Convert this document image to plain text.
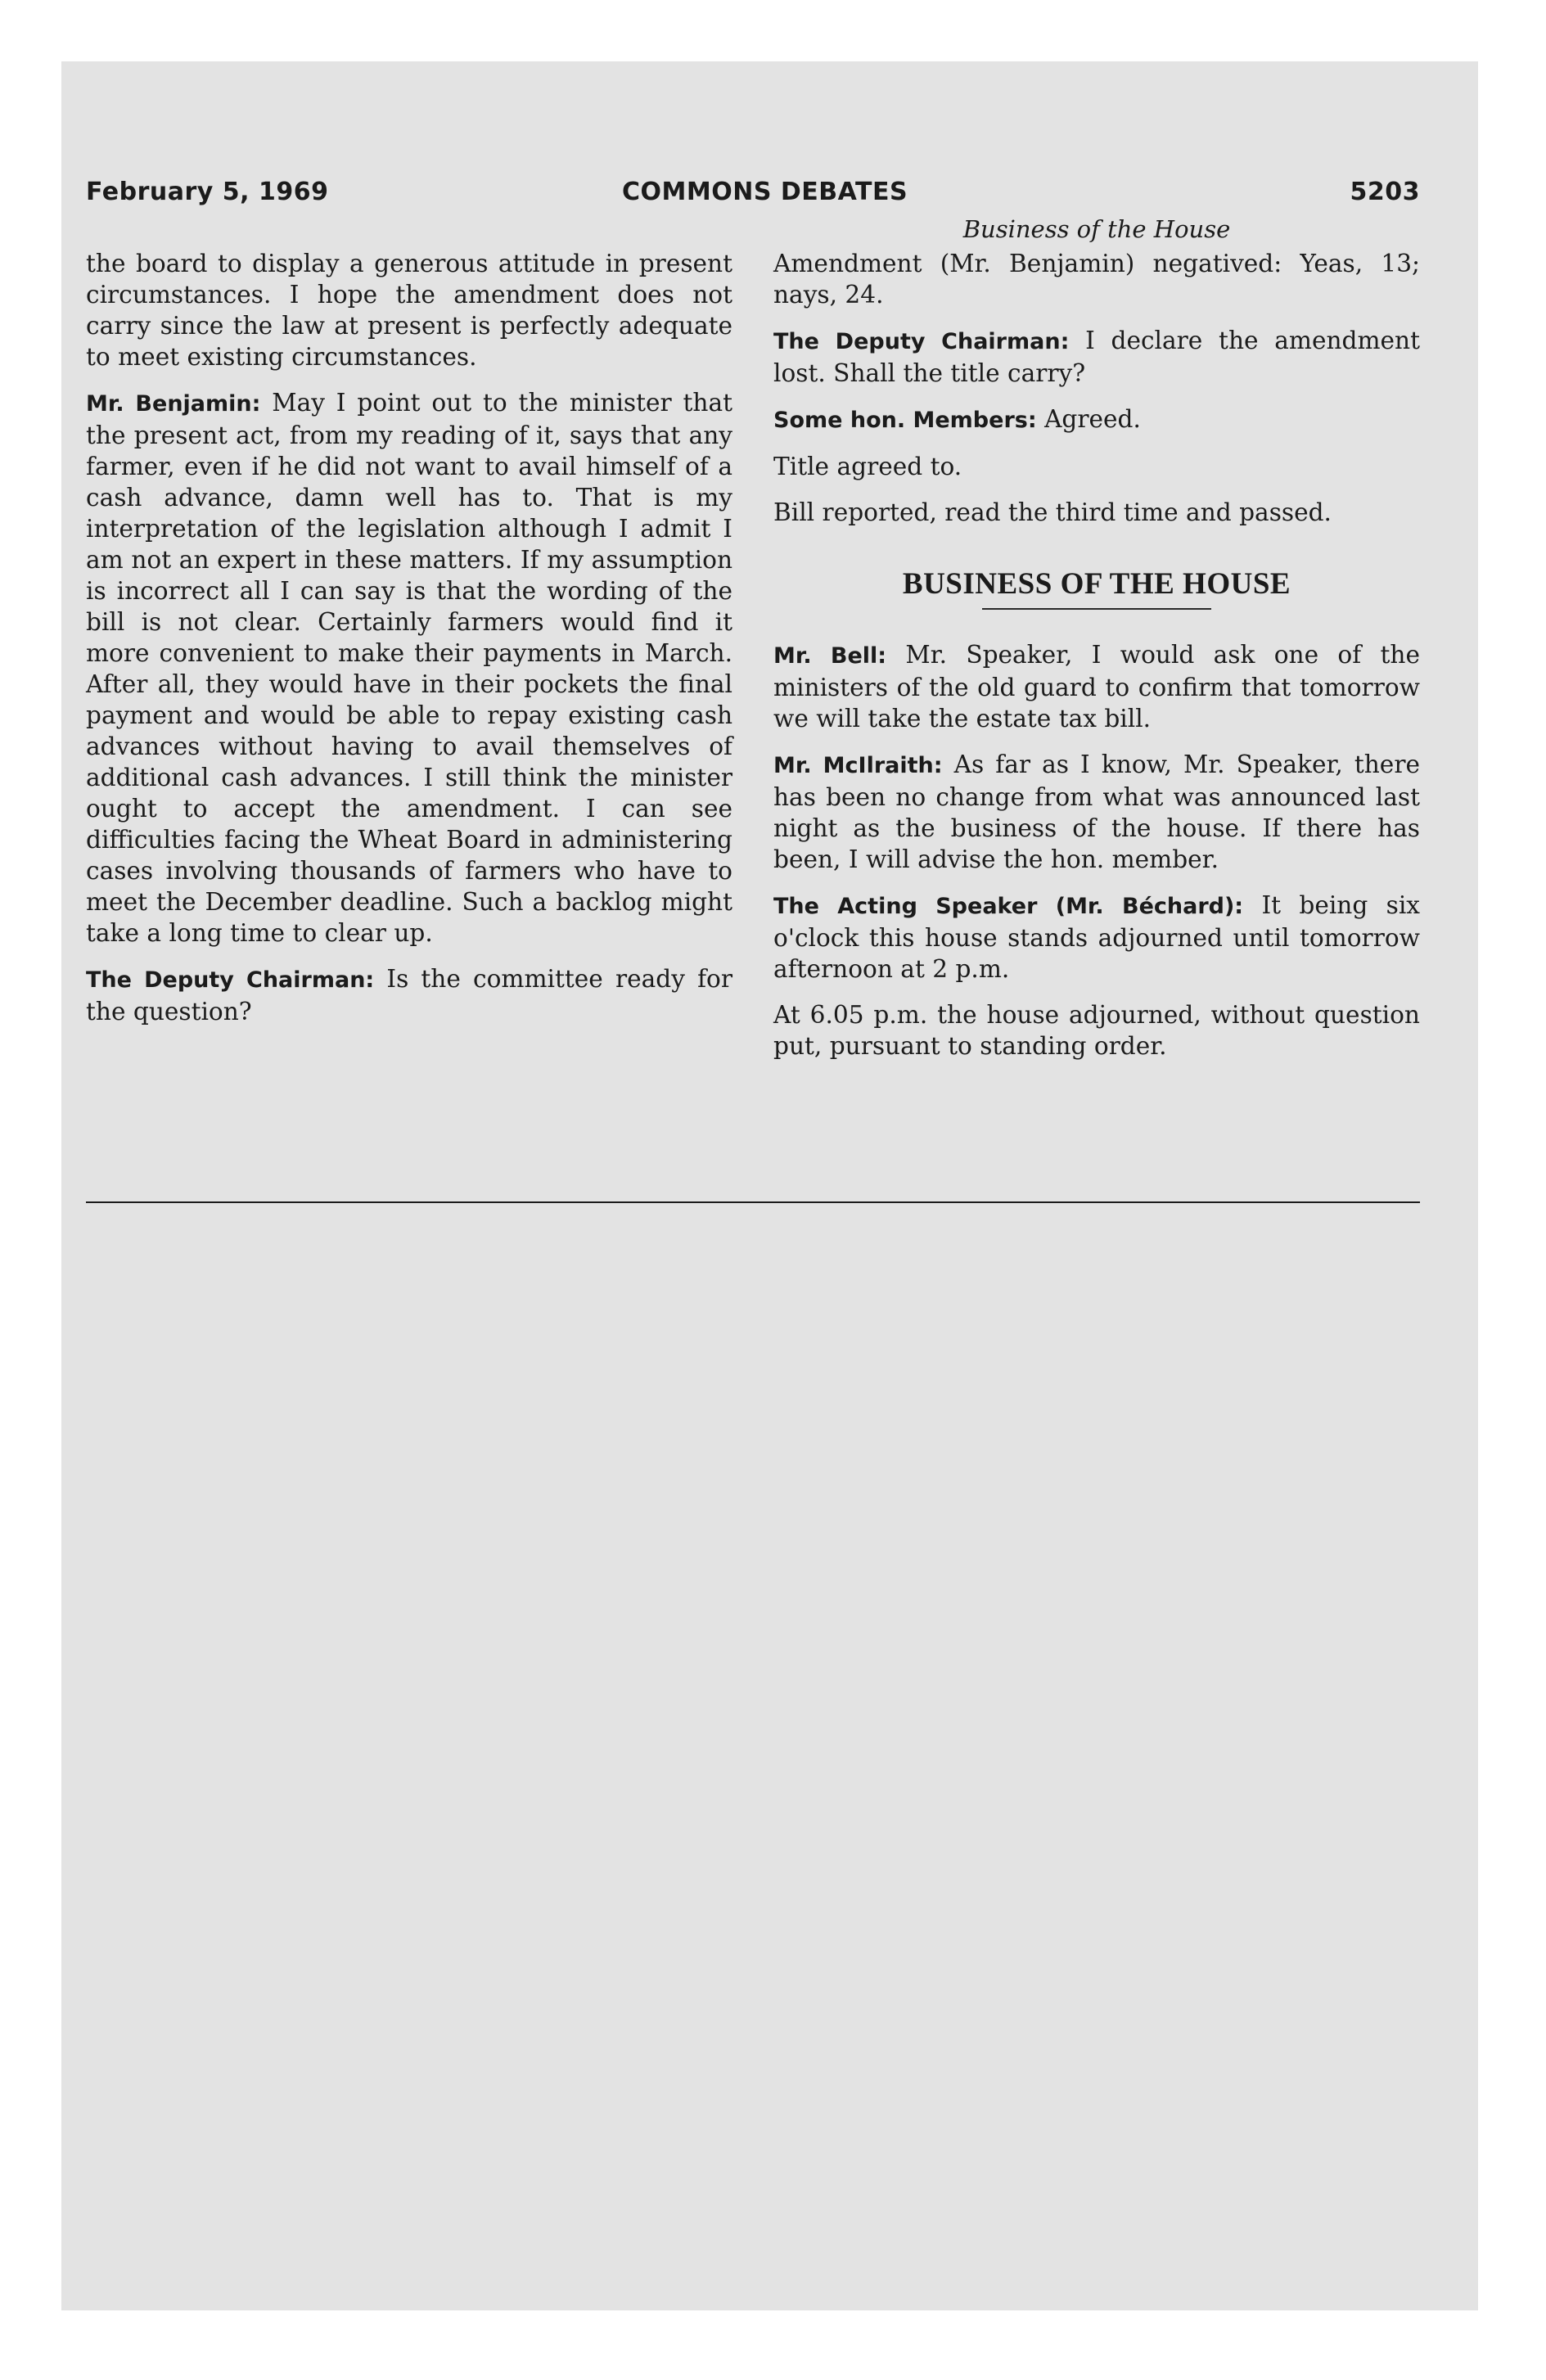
February 5, 1969	COMMONS DEBATES	5203
Business of the House

the board to display a generous attitude in present circumstances. I hope the amendment does not carry since the law at present is perfectly adequate to meet existing circumstances.

Mr. Benjamin: May I point out to the minister that the present act, from my reading of it, says that any farmer, even if he did not want to avail himself of a cash advance, damn well has to. That is my interpretation of the legislation although I admit I am not an expert in these matters. If my assumption is incorrect all I can say is that the wording of the bill is not clear. Certainly farmers would find it more convenient to make their payments in March. After all, they would have in their pockets the final payment and would be able to repay existing cash advances without having to avail themselves of additional cash advances. I still think the minister ought to accept the amendment. I can see difficulties facing the Wheat Board in administering cases involving thousands of farmers who have to meet the December deadline. Such a backlog might take a long time to clear up.

The Deputy Chairman: Is the committee ready for the question?

Amendment (Mr. Benjamin) negatived: Yeas, 13; nays, 24.

The Deputy Chairman: I declare the amendment lost. Shall the title carry?

Some hon. Members: Agreed.

Title agreed to.

Bill reported, read the third time and passed.

BUSINESS OF THE HOUSE

Mr. Bell: Mr. Speaker, I would ask one of the ministers of the old guard to confirm that tomorrow we will take the estate tax bill.

Mr. McIlraith: As far as I know, Mr. Speaker, there has been no change from what was announced last night as the business of the house. If there has been, I will advise the hon. member.

The Acting Speaker (Mr. Béchard): It being six o'clock this house stands adjourned until tomorrow afternoon at 2 p.m.

At 6.05 p.m. the house adjourned, without question put, pursuant to standing order.
